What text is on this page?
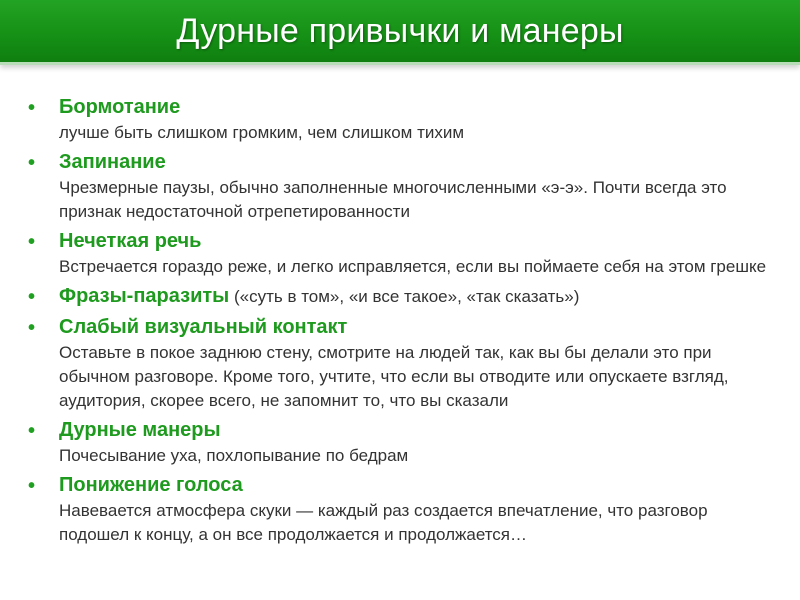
Дурные привычки и манеры
• Бормотание
лучше быть слишком громким, чем слишком тихим
• Запинание
Чрезмерные паузы, обычно заполненные многочисленными «э-э». Почти всегда это признак недостаточной отрепетированности
• Нечеткая речь
Встречается гораздо реже, и легко исправляется, если вы поймаете себя на этом грешке
• Фразы-паразиты («суть в том», «и все такое», «так сказать»)
• Слабый визуальный контакт
Оставьте в покое заднюю стену, смотрите на людей так, как вы бы делали это при обычном разговоре. Кроме того, учтите, что если вы отводите или опускаете взгляд, аудитория, скорее всего, не запомнит то, что вы сказали
• Дурные манеры
Почесывание уха, похлопывание по бедрам
• Понижение голоса
Навевается атмосфера скуки — каждый раз создается впечатление, что разговор подошел к концу, а он все продолжается и продолжается…
